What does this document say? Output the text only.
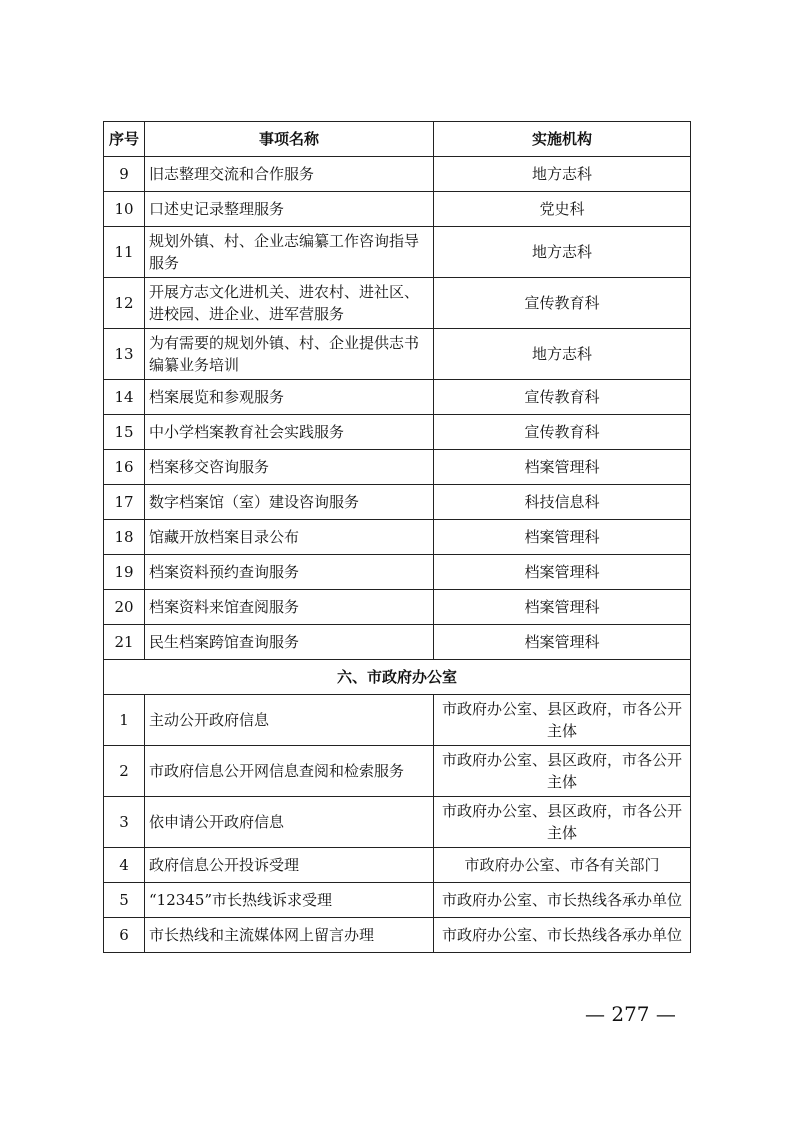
序号	事项名称	实施机构
9	旧志整理交流和合作服务	地方志科
10	口述史记录整理服务	党史科
11	规划外镇、村、企业志编纂工作咨询指导服务	地方志科
12	开展方志文化进机关、进农村、进社区、进校园、进企业、进军营服务	宣传教育科
13	为有需要的规划外镇、村、企业提供志书编纂业务培训	地方志科
14	档案展览和参观服务	宣传教育科
15	中小学档案教育社会实践服务	宣传教育科
16	档案移交咨询服务	档案管理科
17	数字档案馆（室）建设咨询服务	科技信息科
18	馆藏开放档案目录公布	档案管理科
19	档案资料预约查询服务	档案管理科
20	档案资料来馆查阅服务	档案管理科
21	民生档案跨馆查询服务	档案管理科
六、市政府办公室		
1	主动公开政府信息	市政府办公室、县区政府，市各公开主体
2	市政府信息公开网信息查阅和检索服务	市政府办公室、县区政府，市各公开主体
3	依申请公开政府信息	市政府办公室、县区政府，市各公开主体
4	政府信息公开投诉受理	市政府办公室、市各有关部门
5	“12345”市长热线诉求受理	市政府办公室、市长热线各承办单位
6	市长热线和主流媒体网上留言办理	市政府办公室、市长热线各承办单位
— 277 —
